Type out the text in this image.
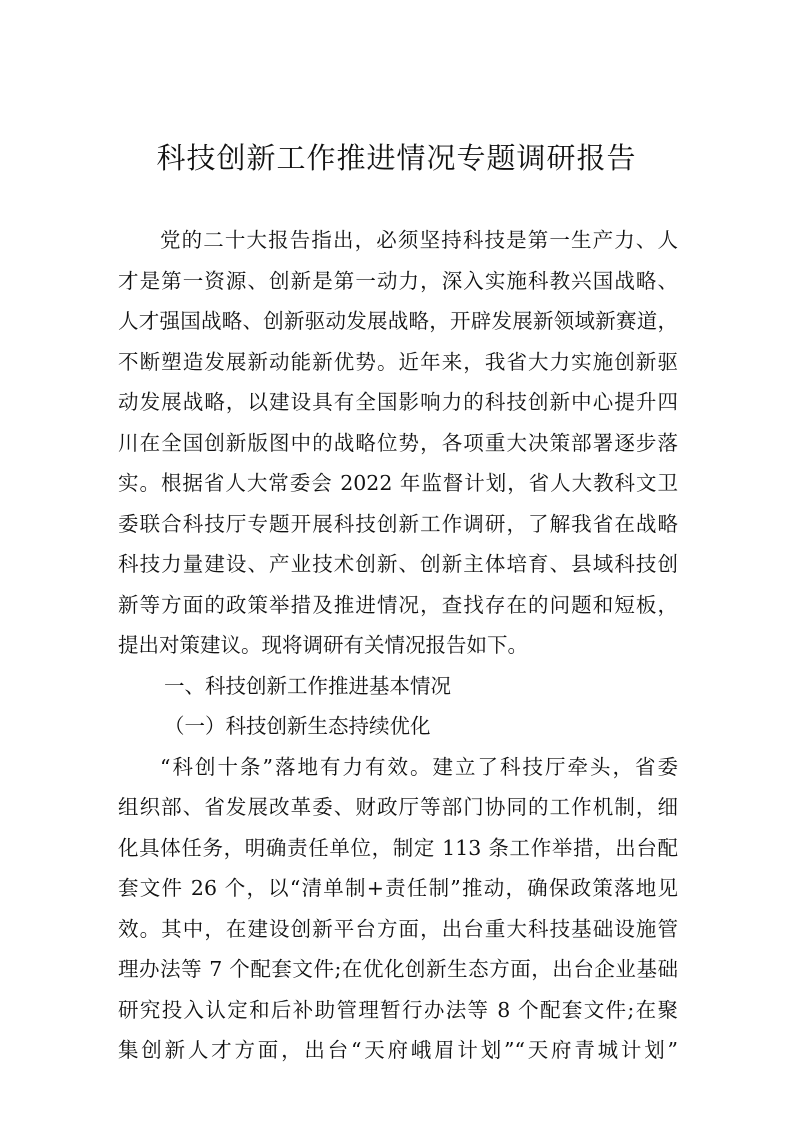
科技创新工作推进情况专题调研报告
党的二十大报告指出，必须坚持科技是第一生产力、人
才是第一资源、创新是第一动力，深入实施科教兴国战略、
人才强国战略、创新驱动发展战略，开辟发展新领域新赛道，
不断塑造发展新动能新优势。近年来，我省大力实施创新驱
动发展战略，以建设具有全国影响力的科技创新中心提升四
川在全国创新版图中的战略位势，各项重大决策部署逐步落
实。根据省人大常委会 2022 年监督计划，省人大教科文卫
委联合科技厅专题开展科技创新工作调研，了解我省在战略
科技力量建设、产业技术创新、创新主体培育、县域科技创
新等方面的政策举措及推进情况，查找存在的问题和短板，
提出对策建议。现将调研有关情况报告如下。
一、科技创新工作推进基本情况
（一）科技创新生态持续优化
“科创十条”落地有力有效。建立了科技厅牵头，省委
组织部、省发展改革委、财政厅等部门协同的工作机制，细
化具体任务，明确责任单位，制定 113 条工作举措，出台配
套文件 26 个，以“清单制+责任制”推动，确保政策落地见
效。其中，在建设创新平台方面，出台重大科技基础设施管
理办法等 7 个配套文件;在优化创新生态方面，出台企业基础
研究投入认定和后补助管理暂行办法等 8 个配套文件;在聚
集创新人才方面，出台“天府峨眉计划”“天府青城计划”
